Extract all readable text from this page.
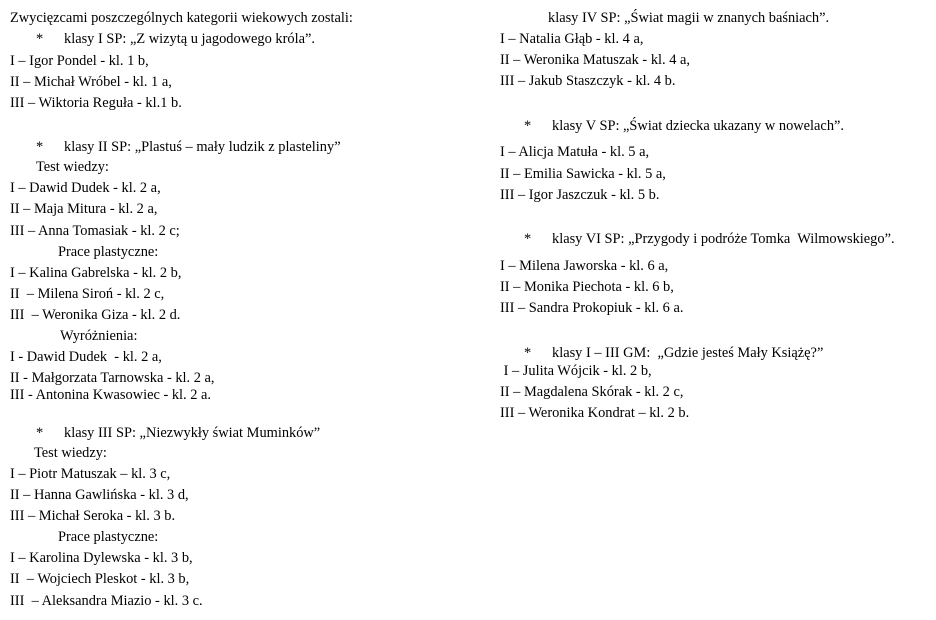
Zwycięzcami poszczególnych kategorii wiekowych zostali:
* klasy I SP: „Z wizytą u jagodowego króla”.
I – Igor Pondel - kl. 1 b,
II – Michał Wróbel - kl. 1 a,
III – Wiktoria Reguła - kl.1 b.
* klasy II SP: „Plastuś – mały ludzik z plasteliny”
Test wiedzy:
I – Dawid Dudek - kl. 2 a,
II – Maja Mitura - kl. 2 a,
III – Anna Tomasiak - kl. 2 c;
Prace plastyczne:
I – Kalina Gabrelska - kl. 2 b,
II  – Milena Siroń - kl. 2 c,
III  – Weronika Giza - kl. 2 d.
Wyróżnienia:
I - Dawid Dudek  - kl. 2 a,
II - Małgorzata Tarnowska - kl. 2 a,
III - Antonina Kwasowiec - kl. 2 a.
* klasy III SP: „Niezwykły świat Muminków”
Test wiedzy:
I – Piotr Matuszak – kl. 3 c,
II – Hanna Gawlińska - kl. 3 d,
III – Michał Seroka - kl. 3 b.
Prace plastyczne:
I – Karolina Dylewska - kl. 3 b,
II  – Wojciech Pleskot - kl. 3 b,
III  – Aleksandra Miazio - kl. 3 c.
klasy IV SP: „Świat magii w znanych baśniach”.
I – Natalia Głąb - kl. 4 a,
II – Weronika Matuszak - kl. 4 a,
III – Jakub Staszczyk - kl. 4 b.
* klasy V SP: „Świat dziecka ukazany w nowelach”.
I – Alicja Matuła - kl. 5 a,
II – Emilia Sawicka - kl. 5 a,
III – Igor Jaszczuk - kl. 5 b.
* klasy VI SP: „Przygody i podróże Tomka  Wilmowskiego”.
I – Milena Jaworska - kl. 6 a,
II – Monika Piechota - kl. 6 b,
III – Sandra Prokopiuk - kl. 6 a.
* klasy I – III GM:  „Gdzie jesteś Mały Książę?”
I – Julita Wójcik - kl. 2 b,
II – Magdalena Skórak - kl. 2 c,
III – Weronika Kondrat – kl. 2 b.
